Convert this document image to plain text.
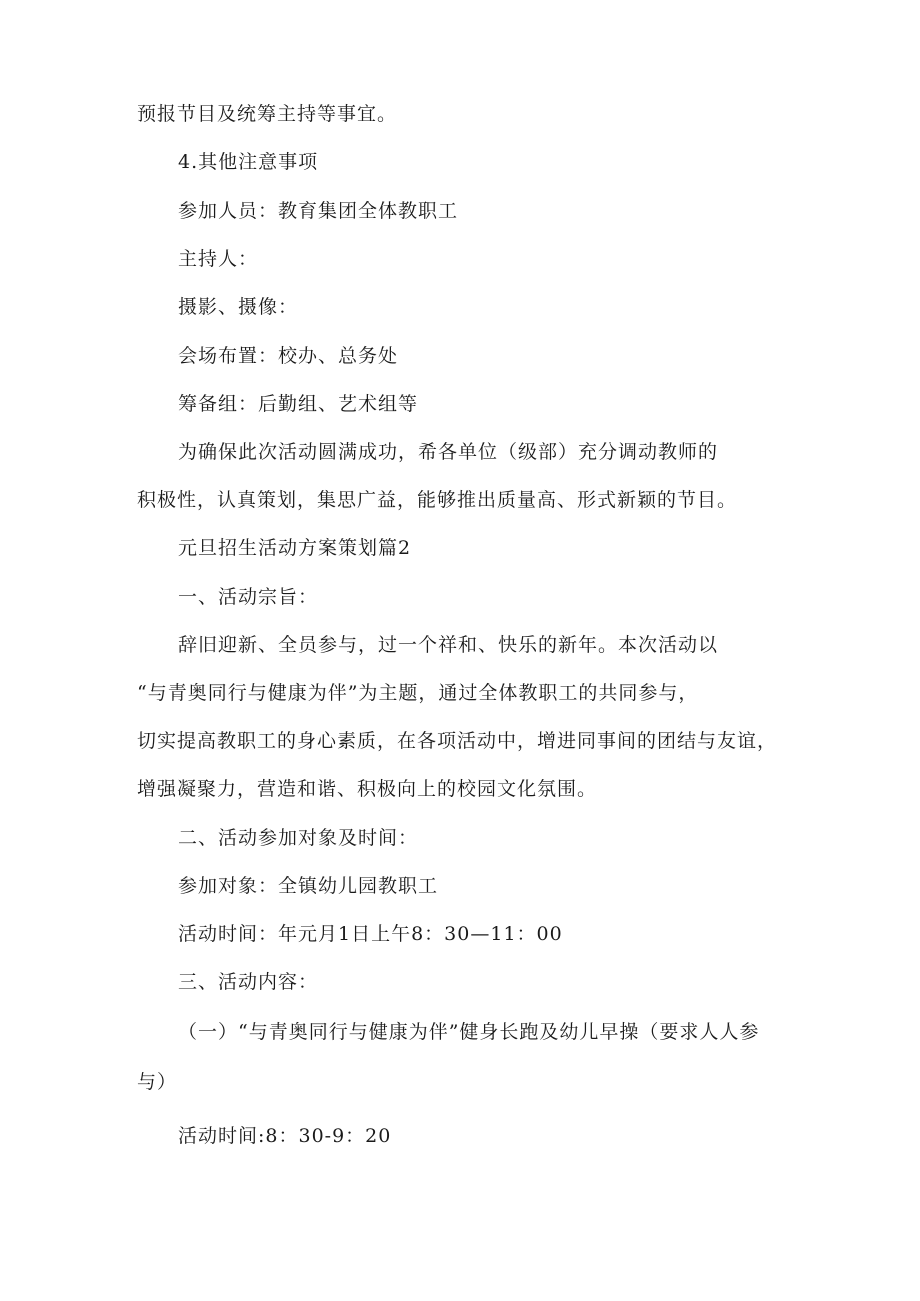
预报节目及统筹主持等事宜。
4.其他注意事项
参加人员：教育集团全体教职工
主持人：
摄影、摄像：
会场布置：校办、总务处
筹备组：后勤组、艺术组等
为确保此次活动圆满成功，希各单位（级部）充分调动教师的
积极性，认真策划，集思广益，能够推出质量高、形式新颖的节目。
元旦招生活动方案策划篇2
一、活动宗旨：
辞旧迎新、全员参与，过一个祥和、快乐的新年。本次活动以
“与青奥同行与健康为伴”为主题，通过全体教职工的共同参与，
切实提高教职工的身心素质，在各项活动中，增进同事间的团结与友谊，
增强凝聚力，营造和谐、积极向上的校园文化氛围。
二、活动参加对象及时间：
参加对象：全镇幼儿园教职工
活动时间：年元月1日上午8：30—11：00
三、活动内容：
（一）“与青奥同行与健康为伴”健身长跑及幼儿早操（要求人人参
与）
活动时间:8：30-9：20
